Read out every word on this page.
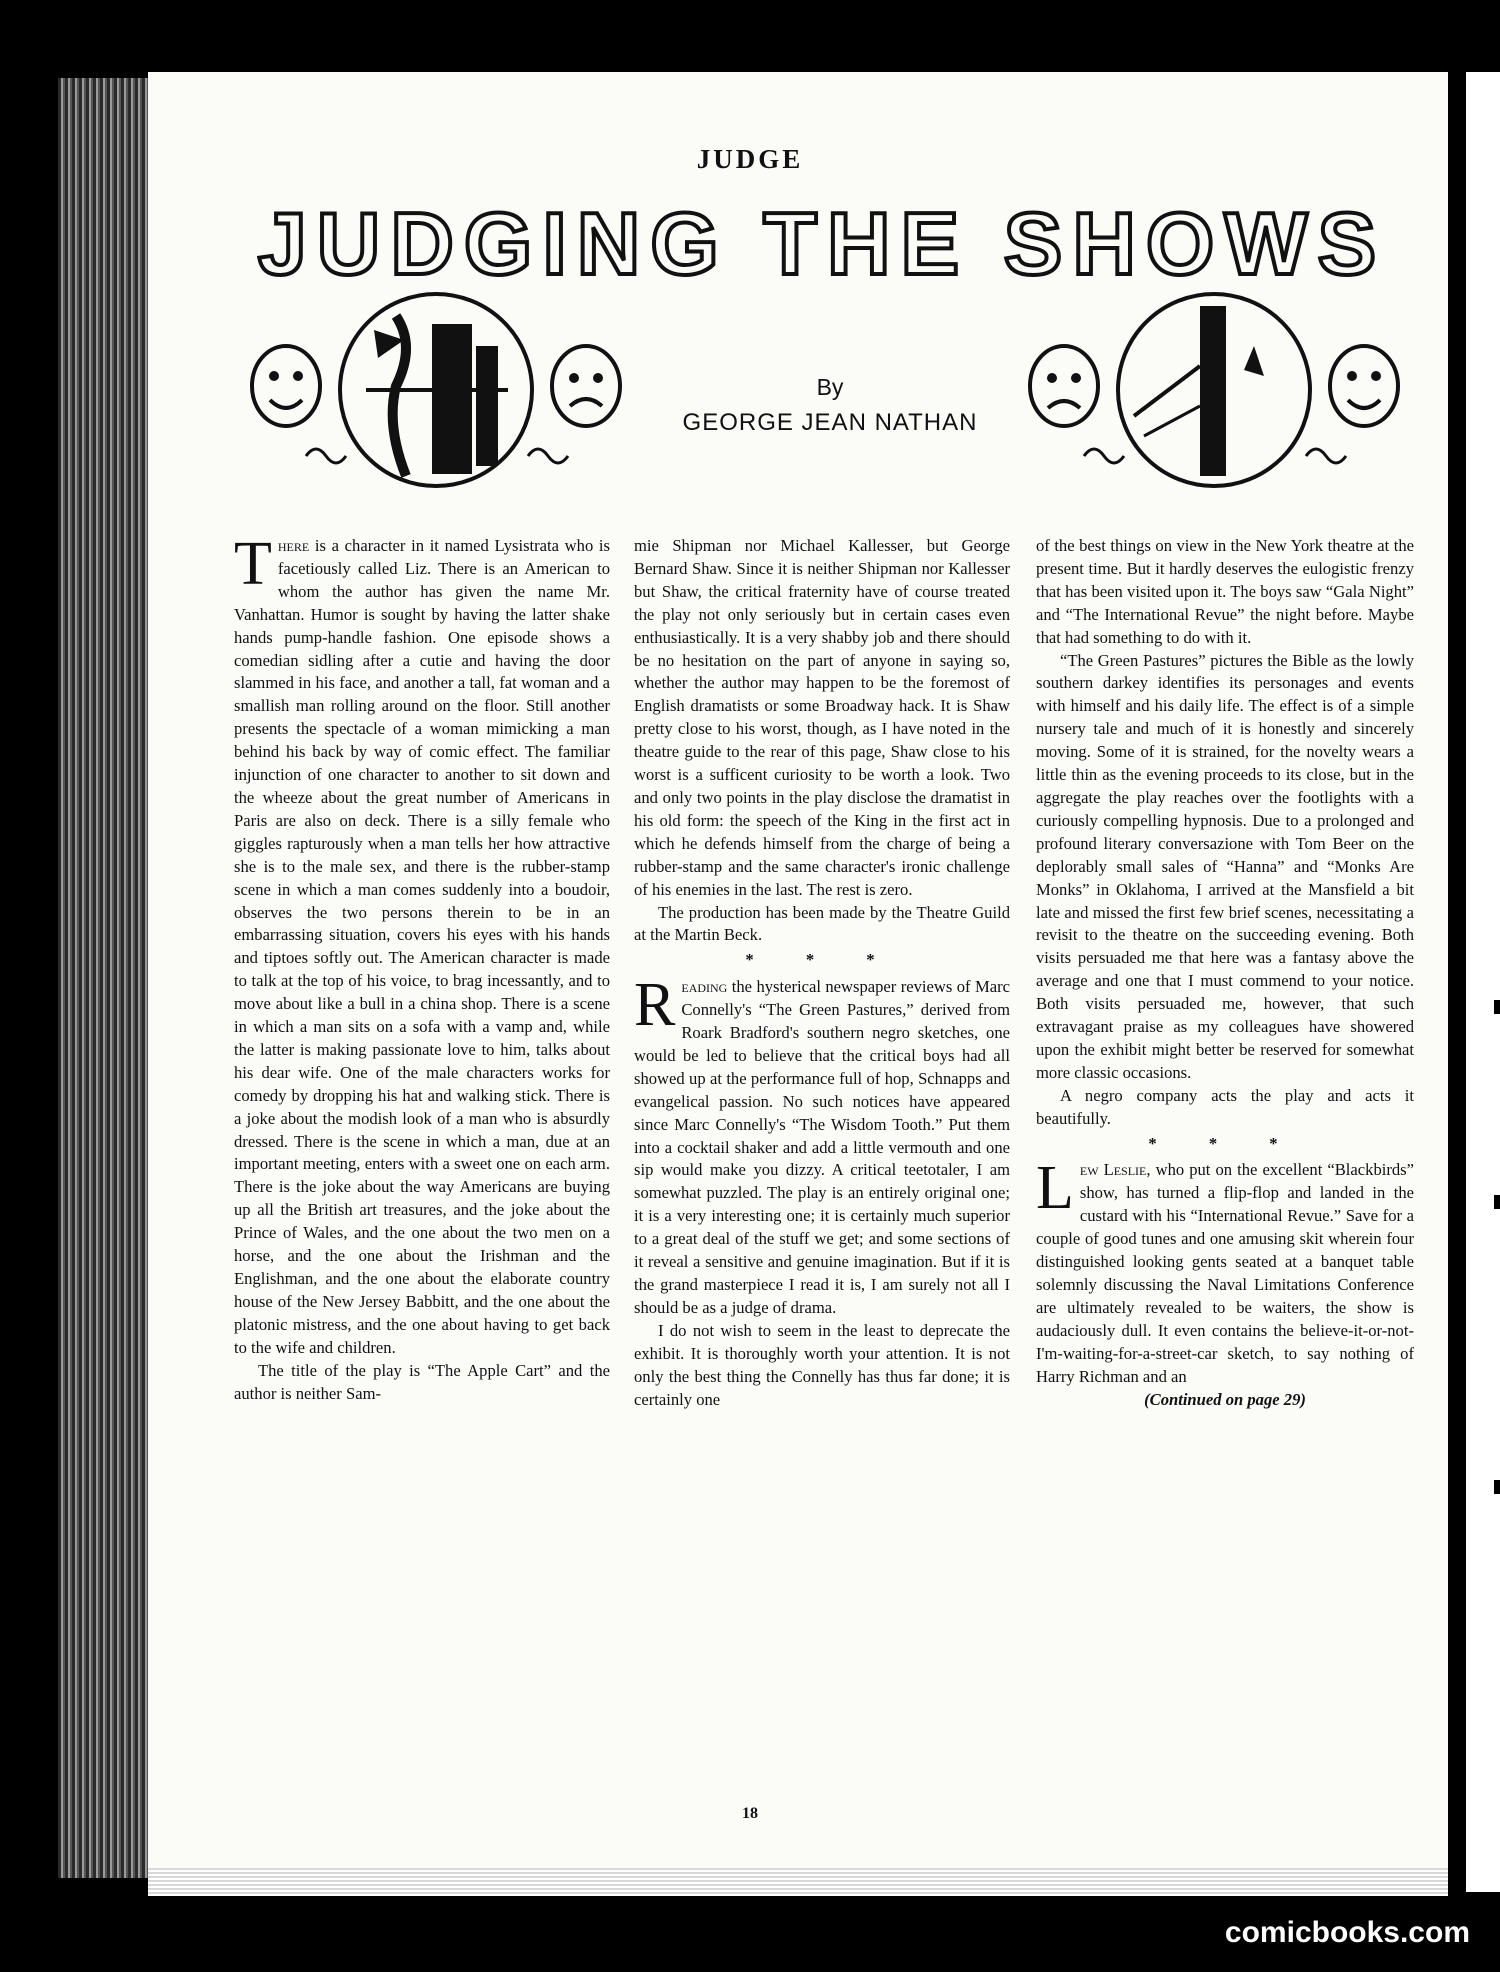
JUDGE
JUDGING THE SHOWS
By
GEORGE JEAN NATHAN

There is a character in it named Lysistrata who is facetiously called Liz. There is an American to whom the author has given the name Mr. Vanhattan. Humor is sought by having the latter shake hands pump-handle fashion. One episode shows a comedian sidling after a cutie and having the door slammed in his face, and another a tall, fat woman and a smallish man rolling around on the floor. Still another presents the spectacle of a woman mimicking a man behind his back by way of comic effect. The familiar injunction of one character to another to sit down and the wheeze about the great number of Americans in Paris are also on deck. There is a silly female who giggles rapturously when a man tells her how attractive she is to the male sex, and there is the rubber-stamp scene in which a man comes suddenly into a boudoir, observes the two persons therein to be in an embarrassing situation, covers his eyes with his hands and tiptoes softly out. The American character is made to talk at the top of his voice, to brag incessantly, and to move about like a bull in a china shop. There is a scene in which a man sits on a sofa with a vamp and, while the latter is making passionate love to him, talks about his dear wife. One of the male characters works for comedy by dropping his hat and walking stick. There is a joke about the modish look of a man who is absurdly dressed. There is the scene in which a man, due at an important meeting, enters with a sweet one on each arm. There is the joke about the way Americans are buying up all the British art treasures, and the joke about the Prince of Wales, and the one about the two men on a horse, and the one about the Irishman and the Englishman, and the one about the elaborate country house of the New Jersey Babbitt, and the one about the platonic mistress, and the one about having to get back to the wife and children.

The title of the play is “The Apple Cart” and the author is neither Sam-

mie Shipman nor Michael Kallesser, but George Bernard Shaw. Since it is neither Shipman nor Kallesser but Shaw, the critical fraternity have of course treated the play not only seriously but in certain cases even enthusiastically. It is a very shabby job and there should be no hesitation on the part of anyone in saying so, whether the author may happen to be the foremost of English dramatists or some Broadway hack. It is Shaw pretty close to his worst, though, as I have noted in the theatre guide to the rear of this page, Shaw close to his worst is a sufficent curiosity to be worth a look. Two and only two points in the play disclose the dramatist in his old form: the speech of the King in the first act in which he defends himself from the charge of being a rubber-stamp and the same character's ironic challenge of his enemies in the last. The rest is zero.

The production has been made by the Theatre Guild at the Martin Beck.

* * *

Reading the hysterical newspaper reviews of Marc Connelly's “The Green Pastures,” derived from Roark Bradford's southern negro sketches, one would be led to believe that the critical boys had all showed up at the performance full of hop, Schnapps and evangelical passion. No such notices have appeared since Marc Connelly's “The Wisdom Tooth.” Put them into a cocktail shaker and add a little vermouth and one sip would make you dizzy. A critical teetotaler, I am somewhat puzzled. The play is an entirely original one; it is a very interesting one; it is certainly much superior to a great deal of the stuff we get; and some sections of it reveal a sensitive and genuine imagination. But if it is the grand masterpiece I read it is, I am surely not all I should be as a judge of drama.

I do not wish to seem in the least to deprecate the exhibit. It is thoroughly worth your attention. It is not only the best thing the Connelly has thus far done; it is certainly one

of the best things on view in the New York theatre at the present time. But it hardly deserves the eulogistic frenzy that has been visited upon it. The boys saw “Gala Night” and “The International Revue” the night before. Maybe that had something to do with it.

“The Green Pastures” pictures the Bible as the lowly southern darkey identifies its personages and events with himself and his daily life. The effect is of a simple nursery tale and much of it is honestly and sincerely moving. Some of it is strained, for the novelty wears a little thin as the evening proceeds to its close, but in the aggregate the play reaches over the footlights with a curiously compelling hypnosis. Due to a prolonged and profound literary conversazione with Tom Beer on the deplorably small sales of “Hanna” and “Monks Are Monks” in Oklahoma, I arrived at the Mansfield a bit late and missed the first few brief scenes, necessitating a revisit to the theatre on the succeeding evening. Both visits persuaded me that here was a fantasy above the average and one that I must commend to your notice. Both visits persuaded me, however, that such extravagant praise as my colleagues have showered upon the exhibit might better be reserved for somewhat more classic occasions.

A negro company acts the play and acts it beautifully.

* * *

Lew Leslie, who put on the excellent “Blackbirds” show, has turned a flip-flop and landed in the custard with his “International Revue.” Save for a couple of good tunes and one amusing skit wherein four distinguished looking gents seated at a banquet table solemnly discussing the Naval Limitations Conference are ultimately revealed to be waiters, the show is audaciously dull. It even contains the believe-it-or-not-I'm-waiting-for-a-street-car sketch, to say nothing of Harry Richman and an

(Continued on page 29)
18
comicbooks.com
